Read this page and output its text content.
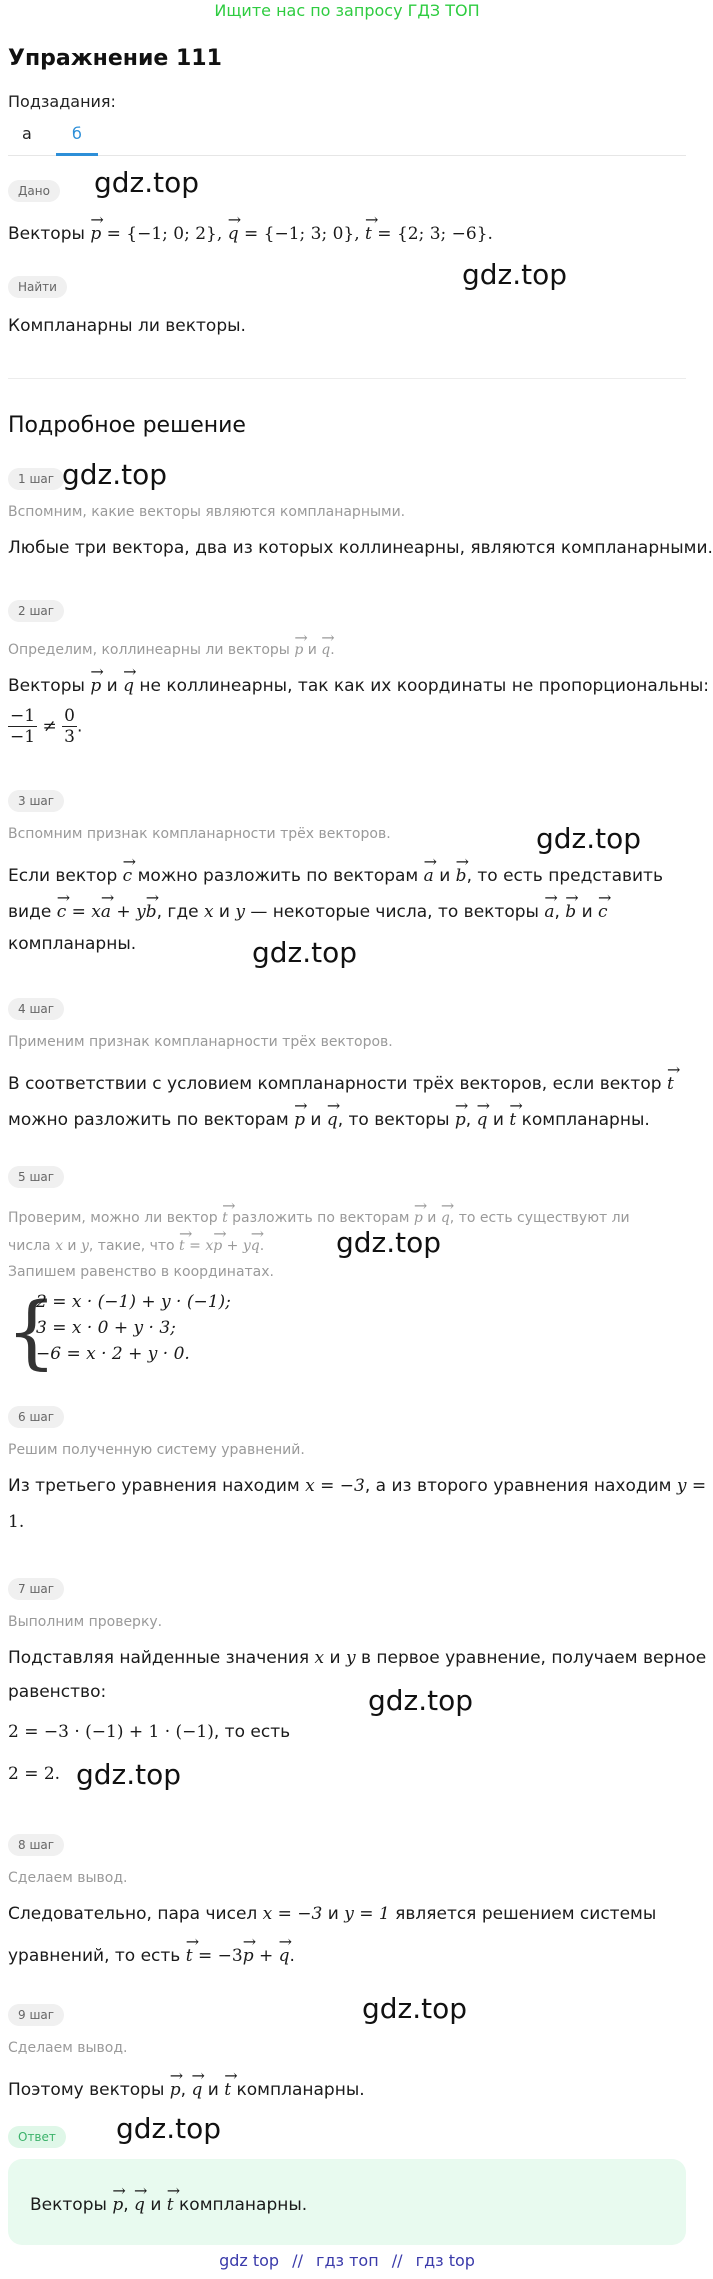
Ищите нас по запросу ГДЗ ТОП
Упражнение 111
Подзадания:
а	б
Дано	gdz.top
Векторы → p = {−1; 0; 2}, → q = {−1; 3; 0}, → t = {2; 3; −6}.
gdz.top
Найти
Компланарны ли векторы.
Подробное решение
1 шаг gdz.top
Вспомним, какие векторы являются компланарными.
Любые три вектора, два из которых коллинеарны, являются компланарными.
2 шаг
Определим, коллинеарны ли векторы → p и → q.
Векторы → p и → q не коллинеарны, так как их координаты не пропорциональны:
$\frac{-1}{-1} \ne \frac{0}{3}$ .
3 шаг
Вспомним признак компланарности трёх векторов.	gdz.top
Если вектор → c можно разложить по векторам → a и → b, то есть представить
виде → c = x→ a + y→ b, где x и y — некоторые числа, то векторы → a, → b и → c
компланарны.	gdz.top
4 шаг
Применим признак компланарности трёх векторов.
В соответствии с условием компланарности трёх векторов, если вектор → t
можно разложить по векторам → p и → q, то векторы → p, → q и → t компланарны.
5 шаг
Проверим, можно ли вектор → t разложить по векторам → p и → q, то есть существуют ли
числа x и y, такие, что → t = x→ p + y→ q.	gdz.top
Запишем равенство в координатах.
{
2 = x · (−1) + y · (−1);
3 = x · 0 + y · 3;
−6 = x · 2 + y · 0.
6 шаг
Решим полученную систему уравнений.
Из третьего уравнения находим x = −3, а из второго уравнения находим y =
1.
7 шаг
Выполним проверку.
Подставляя найденные значения x и y в первое уравнение, получаем верное
равенство:	gdz.top
2 = −3 · (−1) + 1 · (−1), то есть
2 = 2. gdz.top
8 шаг
Сделаем вывод.
Следовательно, пара чисел x = −3 и y = 1 является решением системы
уравнений, то есть → t = −3→ p + → q.
9 шаг	gdz.top
Сделаем вывод.
Поэтому векторы → p, → q и → t компланарны.
Ответ	gdz.top
Векторы → p, → q и → t компланарны.
gdz top // гдз топ // гдз top
